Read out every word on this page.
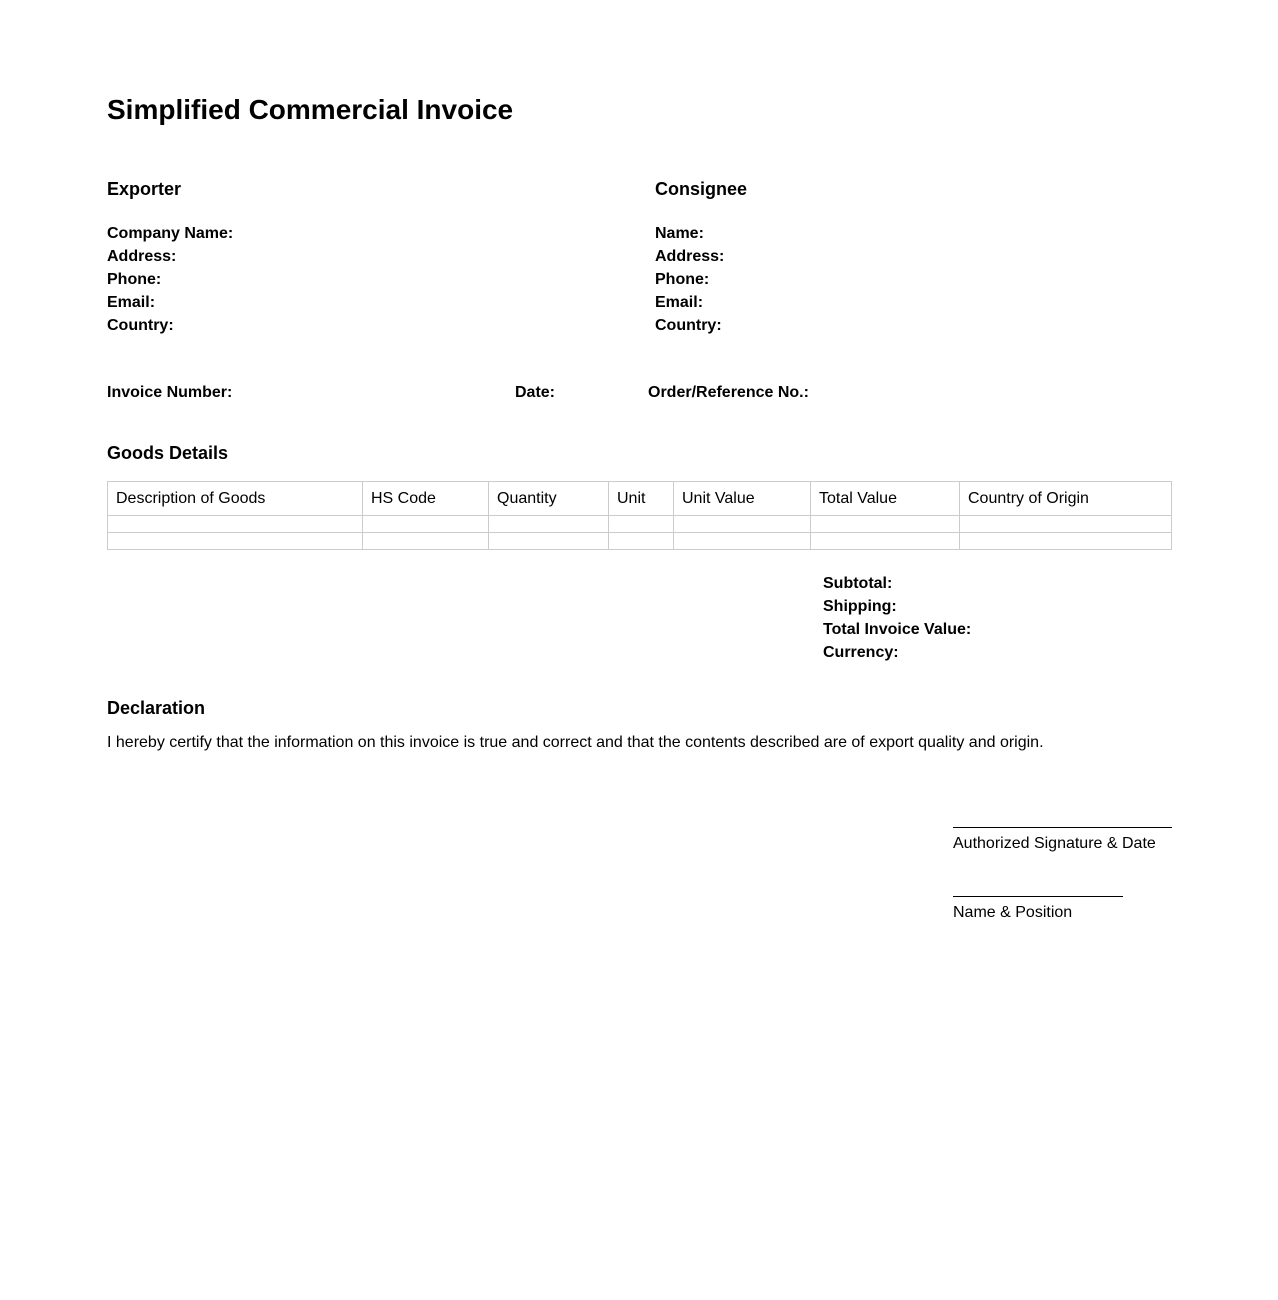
Simplified Commercial Invoice
Exporter
Company Name:
Address:
Phone:
Email:
Country:
Consignee
Name:
Address:
Phone:
Email:
Country:
Invoice Number:	Date:	Order/Reference No.:
Goods Details
Description of Goods	HS Code	Quantity	Unit	Unit Value	Total Value	Country of Origin

Subtotal:
Shipping:
Total Invoice Value:
Currency:
Declaration

I hereby certify that the information on this invoice is true and correct and that the contents described are of export quality and origin.

Authorized Signature & Date
Name & Position
